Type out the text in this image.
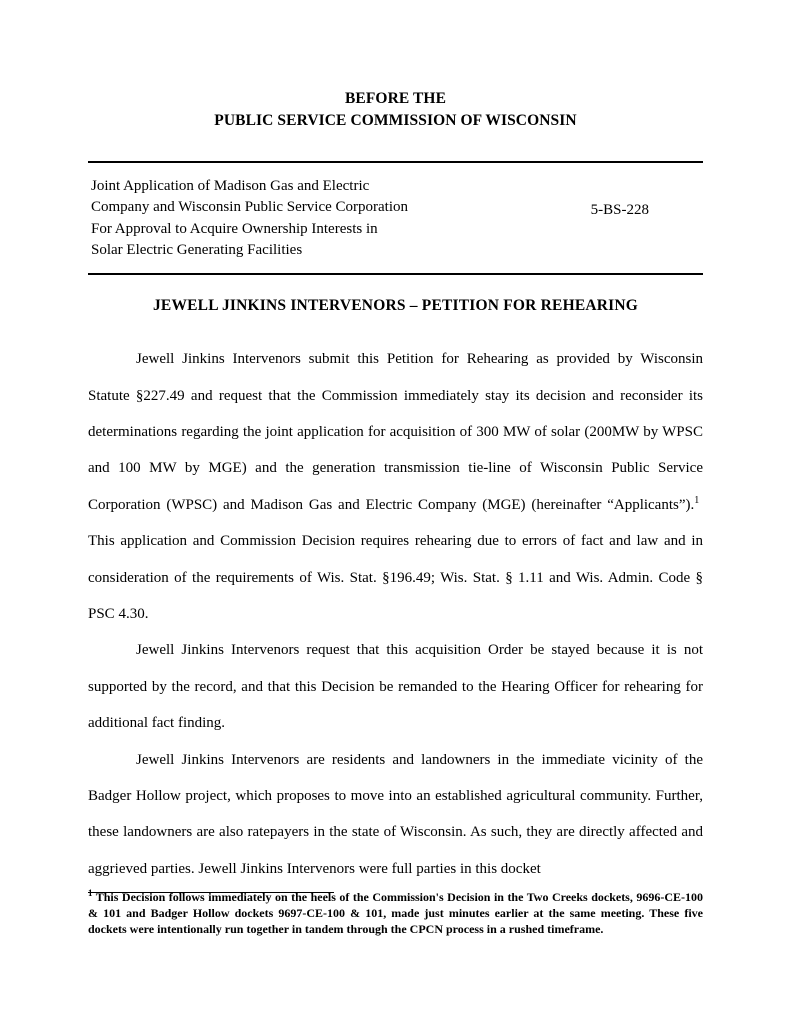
BEFORE THE
PUBLIC SERVICE COMMISSION OF WISCONSIN
Joint Application of Madison Gas and Electric
Company and Wisconsin Public Service Corporation
For Approval to Acquire Ownership Interests in
Solar Electric Generating Facilities
5-BS-228
JEWELL JINKINS INTERVENORS – PETITION FOR REHEARING

Jewell Jinkins Intervenors submit this Petition for Rehearing as provided by Wisconsin Statute §227.49 and request that the Commission immediately stay its decision and reconsider its determinations regarding the joint application for acquisition of 300 MW of solar (200MW by WPSC and 100 MW by MGE) and the generation transmission tie-line of Wisconsin Public Service Corporation (WPSC) and Madison Gas and Electric Company (MGE) (hereinafter “Applicants”).$^1$  This application and Commission Decision requires rehearing due to errors of fact and law and in consideration of the requirements of Wis. Stat. §196.49; Wis. Stat. § 1.11 and Wis. Admin. Code § PSC 4.30.

Jewell Jinkins Intervenors request that this acquisition Order be stayed because it is not supported by the record, and that this Decision be remanded to the Hearing Officer for rehearing for additional fact finding.

Jewell Jinkins Intervenors are residents and landowners in the immediate vicinity of the Badger Hollow project, which proposes to move into an established agricultural community. Further, these landowners are also ratepayers in the state of Wisconsin. As such, they are directly affected and aggrieved parties. Jewell Jinkins Intervenors were full parties in this docket

$^1$ This Decision follows immediately on the heels of the Commission's Decision in the Two Creeks dockets, 9696-CE-100 & 101 and Badger Hollow dockets 9697-CE-100 & 101, made just minutes earlier at the same meeting. These five dockets were intentionally run together in tandem through the CPCN process in a rushed timeframe.
